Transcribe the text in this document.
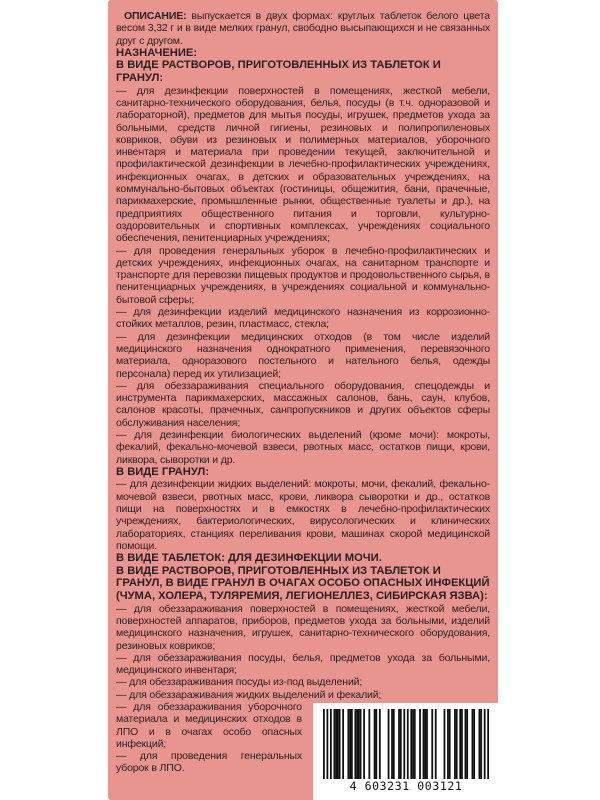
ОПИСАНИЕ: выпускается в двух формах: круглых таблеток белого цвета весом 3,32 г и в виде мелких гранул, свободно высыпающихся и не связанных друг с другом.

НАЗНАЧЕНИЕ:
В ВИДЕ РАСТВОРОВ, ПРИГОТОВЛЕННЫХ ИЗ ТАБЛЕТОК И ГРАНУЛ:

— для дезинфекции поверхностей в помещениях, жесткой мебели, санитарно-технического оборудования, белья, посуды (в т.ч. одноразовой и лабораторной), предметов для мытья посуды, игрушек, предметов ухода за больными, средств личной гигиены, резиновых и полипропиленовых ковриков, обуви из резиновых и полимерных материалов, уборочного инвентаря и материала при проведении текущей, заключительной и профилактической дезинфекции в лечебно-профилактических учреждениях, инфекционных очагах, в детских и образовательных учреждениях, на коммунально-бытовых объектах (гостиницы, общежития, бани, прачечные, парикмахерские, промышленные рынки, общественные туалеты и др.), на предприятиях общественного питания и торговли, культурно-оздоровительных и спортивных комплексах, учреждениях социального обеспечения, пенитенциарных учреждениях;

— для проведения генеральных уборок в лечебно-профилактических и детских учреждениях, инфекционных очагах, на санитарном транспорте и транспорте для перевозки пищевых продуктов и продовольственного сырья, в пенитенциарных учреждениях, в учреждениях социальной и коммунально-бытовой сферы;

— для дезинфекции изделий медицинского назначения из коррозионно-стойких металлов, резин, пластмасс, стекла;

— для дезинфекции медицинских отходов (в том числе изделий медицинского назначения однократного применения, перевязочного материала, одноразового постельного и нательного белья, одежды персонала) перед их утилизацией;

— для обеззараживания специального оборудования, спецодежды и инструмента парикмахерских, массажных салонов, бань, саун, клубов, салонов красоты, прачечных, санпропускников и других объектов сферы обслуживания населения;

— для дезинфекции биологических выделений (кроме мочи): мокроты, фекалий, фекально-мочевой взвеси, рвотных масс, остатков пищи, крови, ликвора, сыворотки и др.

В ВИДЕ ГРАНУЛ:

— для дезинфекции жидких выделений: мокроты, мочи, фекалий, фекально-мочевой взвеси, рвотных масс, крови, ликвора сыворотки и др., остатков пищи на поверхностях и в емкостях в лечебно-профилактических учреждениях, бактериологических, вирусологических и клинических лабораториях, станциях переливания крови, машинах скорой медицинской помощи.

В ВИДЕ ТАБЛЕТОК: ДЛЯ ДЕЗИНФЕКЦИИ МОЧИ.
В ВИДЕ РАСТВОРОВ, ПРИГОТОВЛЕННЫХ ИЗ ТАБЛЕТОК И ГРАНУЛ, В ВИДЕ ГРАНУЛ В ОЧАГАХ ОСОБО ОПАСНЫХ ИНФЕКЦИЙ (ЧУМА, ХОЛЕРА, ТУЛЯРЕМИЯ, ЛЕГИОНЕЛЛЕЗ, СИБИРСКАЯ ЯЗВА):

— для обеззараживания поверхностей в помещениях, жесткой мебели, поверхностей аппаратов, приборов, предметов ухода за больными, изделий медицинского назначения, игрушек, санитарно-технического оборудования, резиновых ковриков;

— для обеззараживания посуды, белья, предметов ухода за больными, медицинского инвентаря;

— для обеззараживания посуды из-под выделений;

— для обеззараживания жидких выделений и фекалий;

— для обеззараживания уборочного материала и медицинских отходов в ЛПО и в очагах особо опасных инфекций;

— для проведения генеральных уборок в ЛПО.

4 603231 003121
